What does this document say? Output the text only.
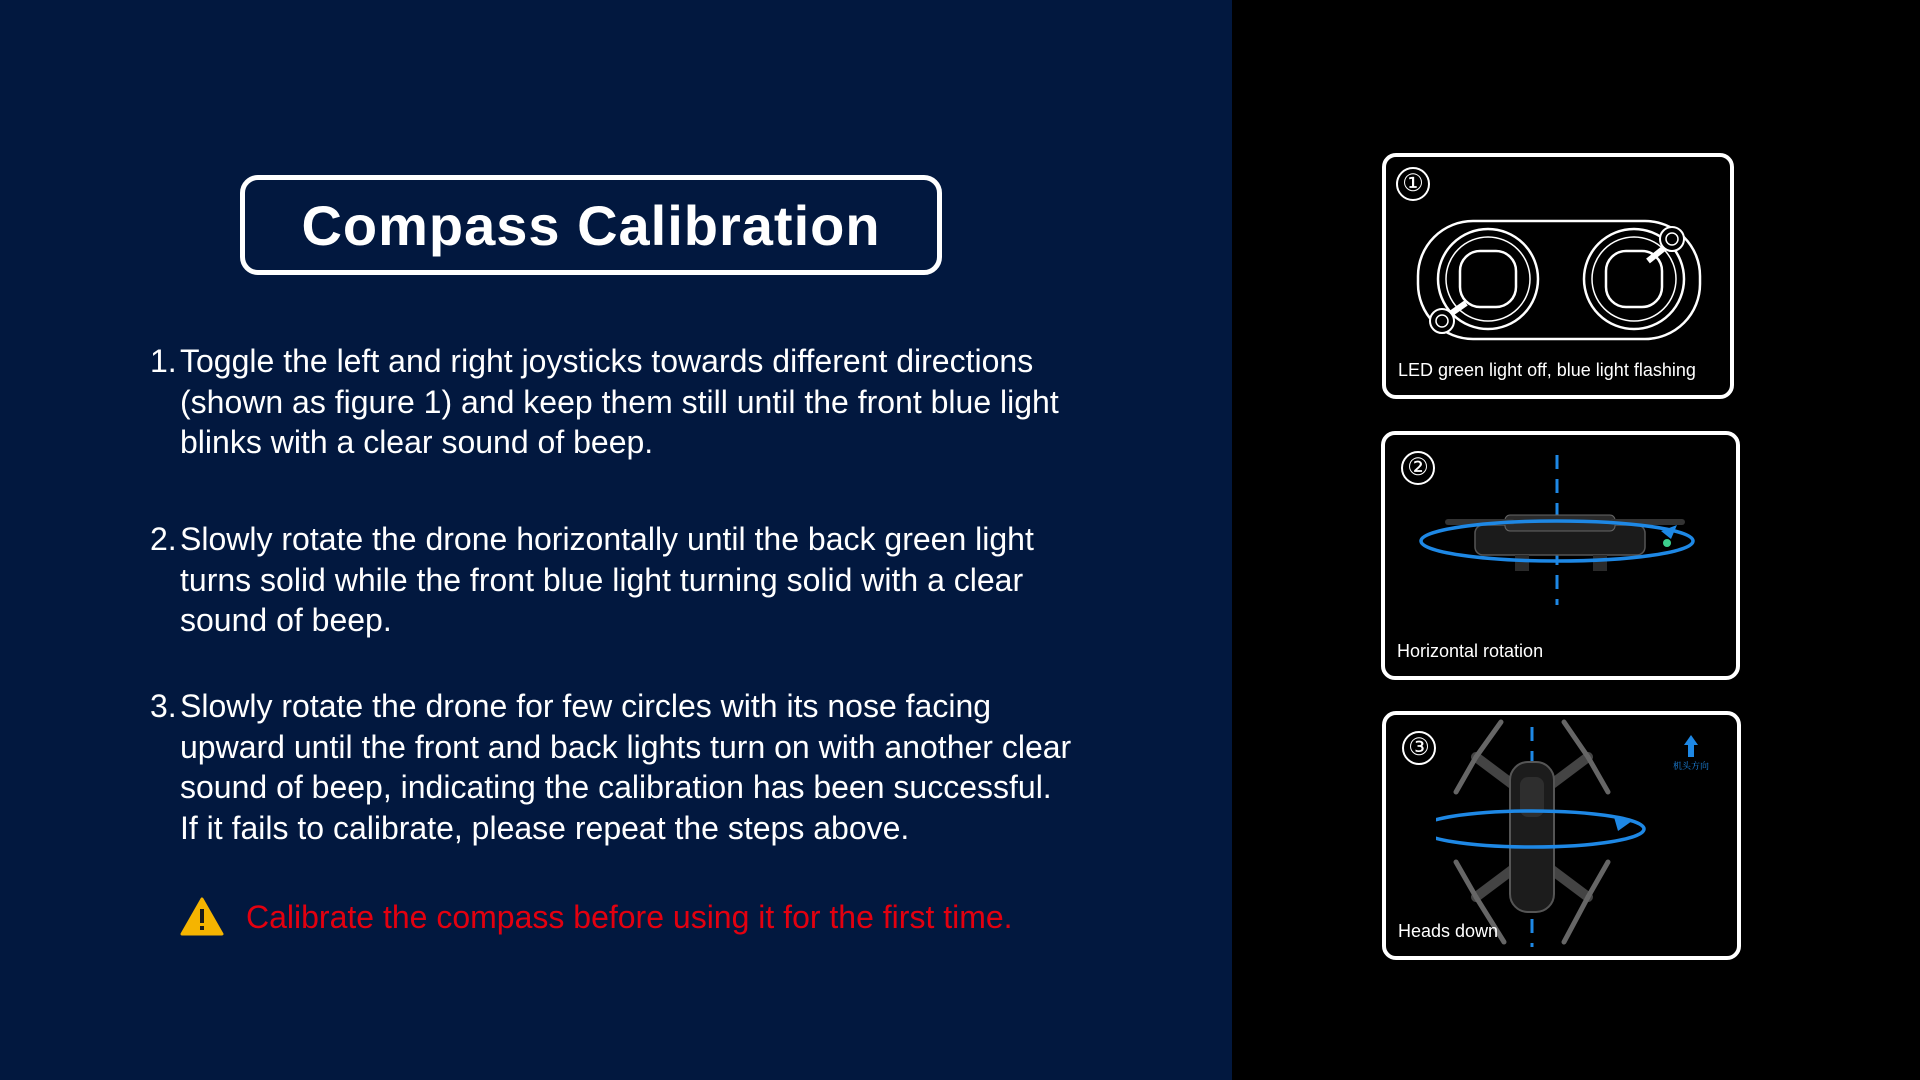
Compass Calibration
1. Toggle the left and right joysticks towards different directions
(shown as figure 1) and keep them still until the front blue light
blinks with a clear sound of beep.
2. Slowly rotate the drone horizontally until the back green light
turns solid while the front blue light turning solid with a clear
sound of beep.
3. Slowly rotate the drone for few circles with its nose facing
upward until the front and back lights turn on with another clear
sound of beep, indicating the calibration has been successful.
If it fails to calibrate, please repeat the steps above.
Calibrate the compass before using it for the first time.
①
LED green light off, blue light flashing
②
Horizontal rotation
③
机头方向
Heads down
